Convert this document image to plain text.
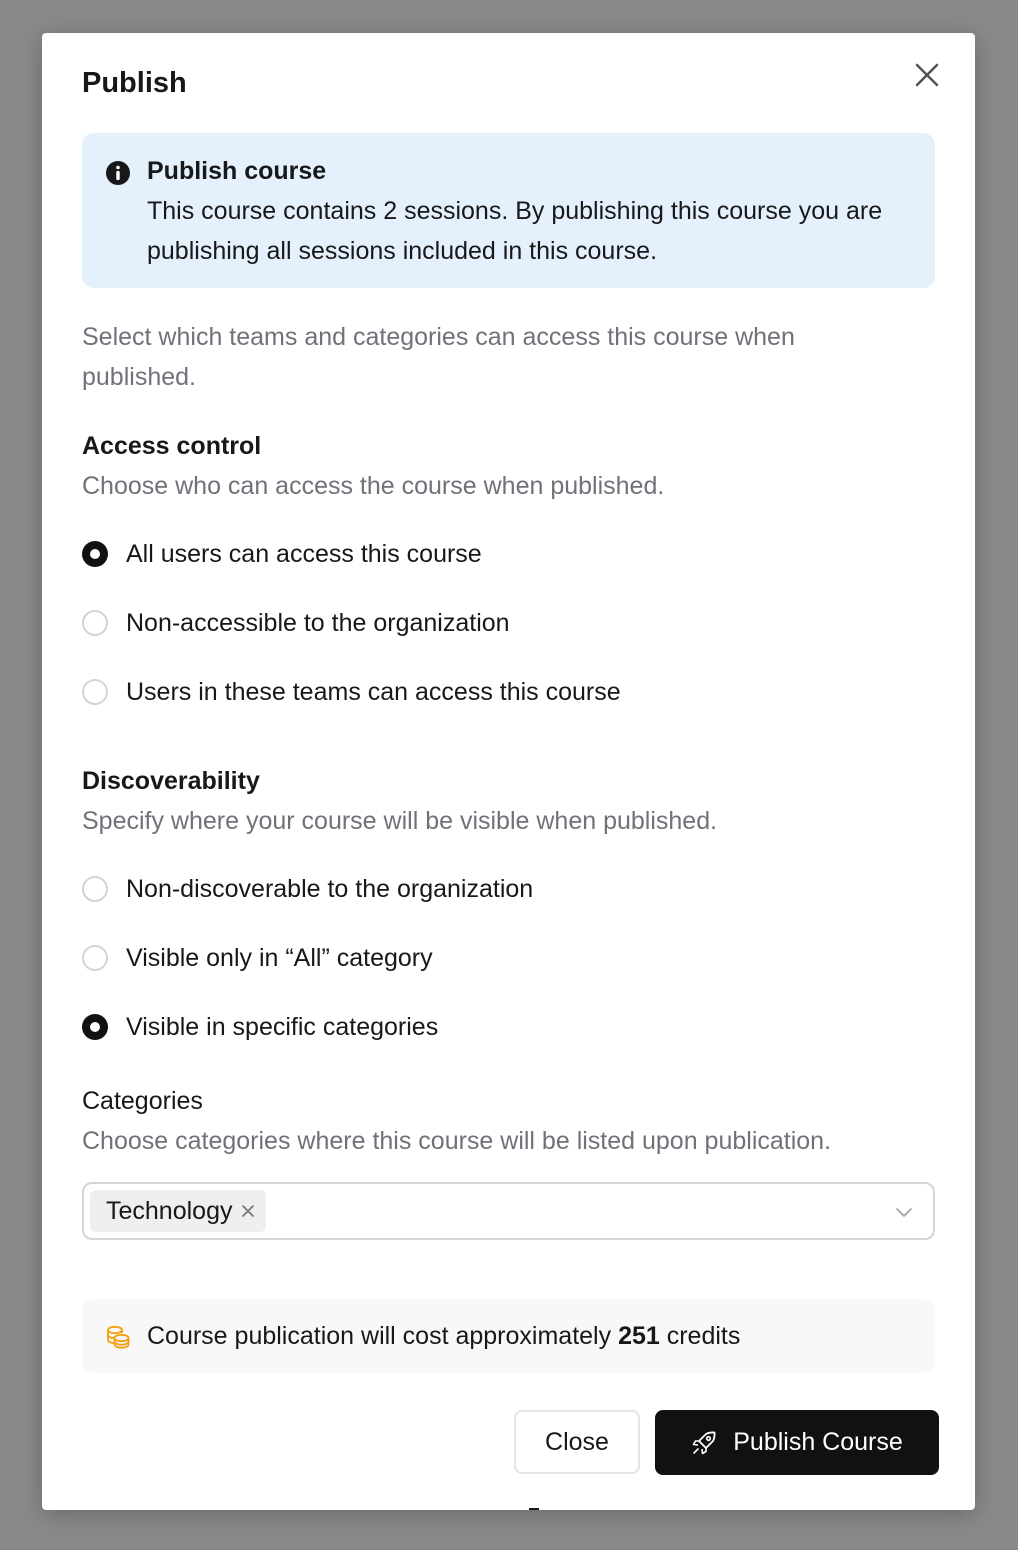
Publish
Publish course
This course contains 2 sessions. By publishing this course you are publishing all sessions included in this course.
Select which teams and categories can access this course when published.
Access control
Choose who can access the course when published.
All users can access this course
Non-accessible to the organization
Users in these teams can access this course
Discoverability
Specify where your course will be visible when published.
Non-discoverable to the organization
Visible only in “All” category
Visible in specific categories
Categories
Choose categories where this course will be listed upon publication.
Technology
Course publication will cost approximately 251 credits
Close	Publish Course
